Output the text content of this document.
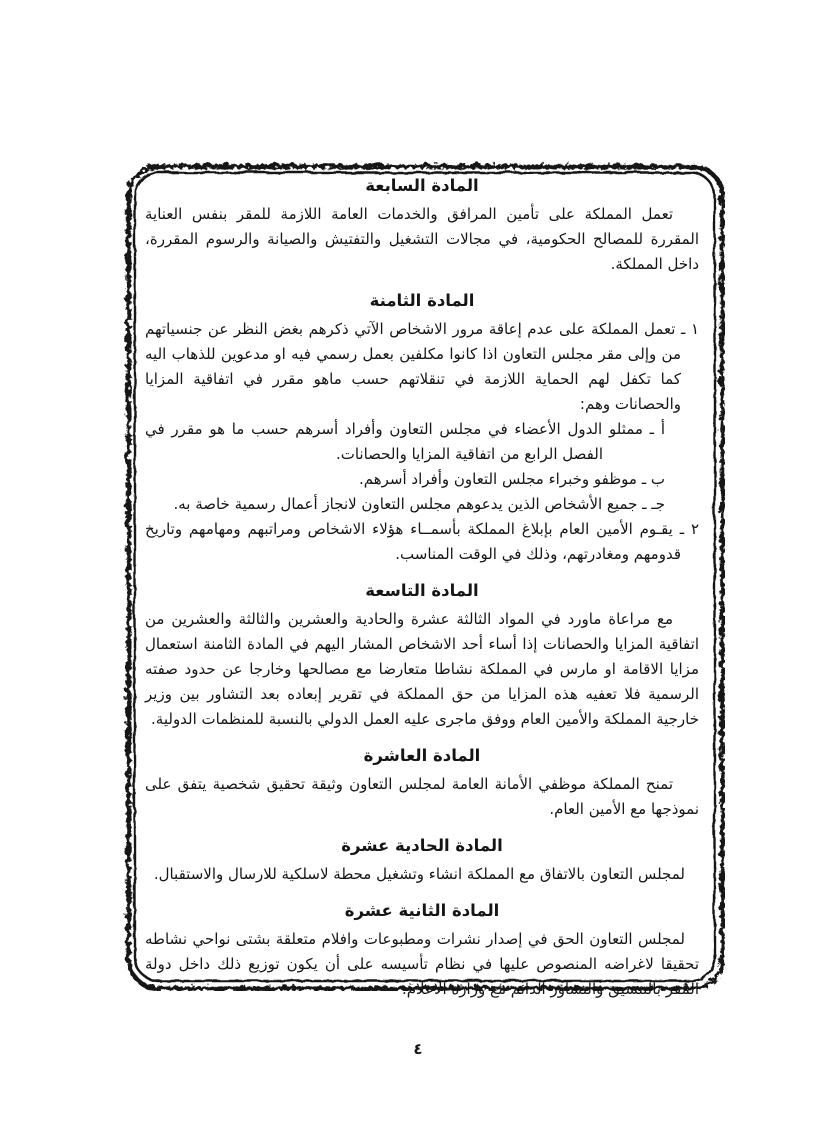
المادة السابعة

تعمل المملكة على تأمين المرافق والخدمات العامة اللازمة للمقر بنفس العناية المقررة للمصالح الحكومية، في مجالات التشغيل والتفتيش والصيانة والرسوم المقررة، داخل المملكة.

المادة الثامنة

١ ـ تعمل المملكة على عدم إعاقة مرور الاشخاص الآتي ذكرهم بغض النظر عن جنسياتهم من وإلى مقر مجلس التعاون اذا كانوا مكلفين بعمل رسمي فيه او مدعوين للذهاب اليه كما تكفل لهم الحماية اللازمة في تنقلاتهم حسب ماهو مقرر في اتفاقية المزايا والحصانات وهم:

أ ـ ممثلو الدول الأعضاء في مجلس التعاون وأفراد أسرهم حسب ما هو مقرر في الفصل الرابع من اتفاقية المزايا والحصانات.

ب ـ موظفو وخبراء مجلس التعاون وأفراد أسرهم.

جـ ـ جميع الأشخاص الذين يدعوهم مجلس التعاون لانجاز أعمال رسمية خاصة به.

٢ ـ يقـوم الأمين العام بإبلاغ المملكة بأسمــاء هؤلاء الاشخاص ومراتبهم ومهامهم وتاريخ قدومهم ومغادرتهم، وذلك في الوقت المناسب.

المادة التاسعة

مع مراعاة ماورد في المواد الثالثة عشرة والحادية والعشرين والثالثة والعشرين من اتفاقية المزايا والحصانات إذا أساء أحد الاشخاص المشار اليهم في المادة الثامنة استعمال مزايا الاقامة او مارس في المملكة نشاطا متعارضا مع مصالحها وخارجا عن حدود صفته الرسمية فلا تعفيه هذه المزايا من حق المملكة في تقرير إبعاده بعد التشاور بين وزير خارجية المملكة والأمين العام ووفق ماجرى عليه العمل الدولي بالنسبة للمنظمات الدولية.

المادة العاشرة

تمنح المملكة موظفي الأمانة العامة لمجلس التعاون وثيقة تحقيق شخصية يتفق على نموذجها مع الأمين العام.

المادة الحادية عشرة

لمجلس التعاون بالاتفاق مع المملكة انشاء وتشغيل محطة لاسلكية للارسال والاستقبال.

المادة الثانية عشرة

لمجلس التعاون الحق في إصدار نشرات ومطبوعات وافلام متعلقة بشتى نواحي نشاطه تحقيقا لاغراضه المنصوص عليها في نظام تأسيسه على أن يكون توزيع ذلك داخل دولة المقر بالتنسيق والتشاور الدائم مع وزارة الاعلام.

٤
